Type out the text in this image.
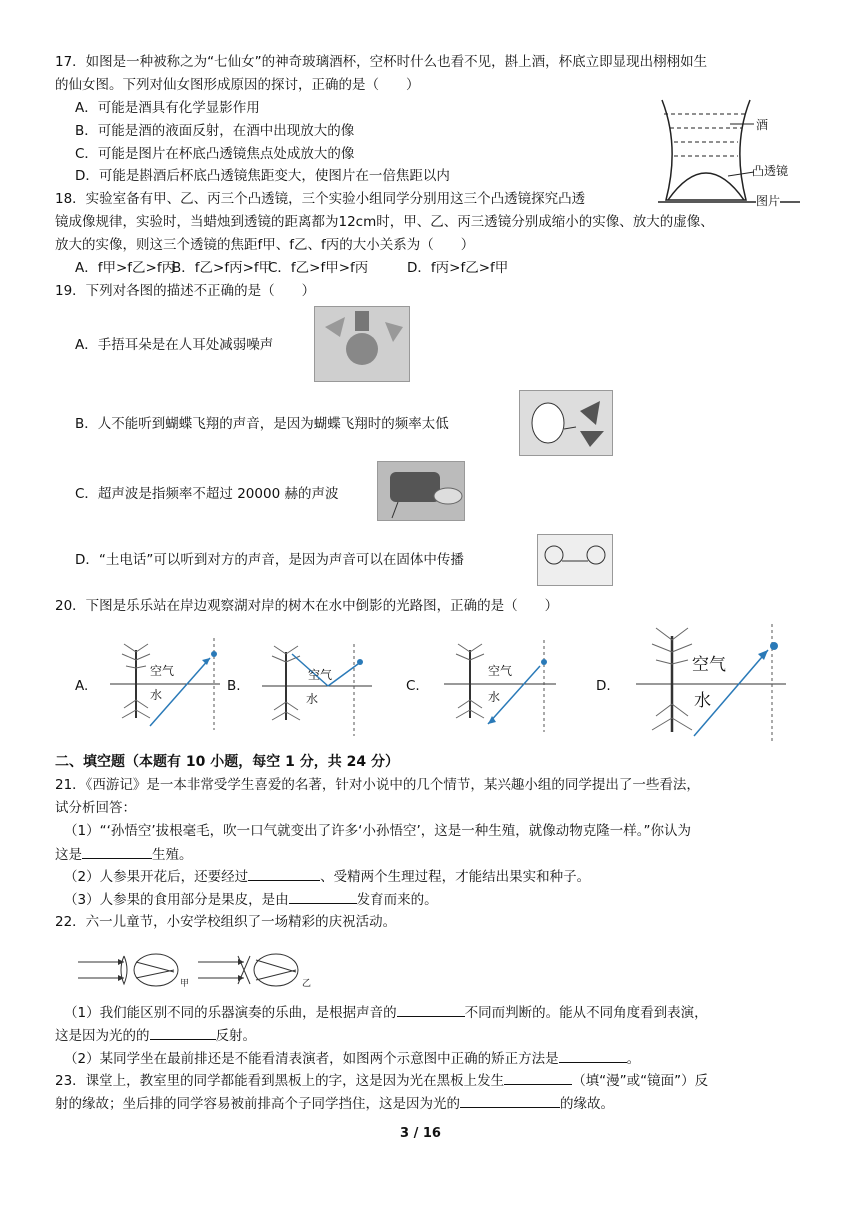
17．如图是一种被称之为“七仙女”的神奇玻璃酒杯，空杯时什么也看不见，斟上酒，杯底立即显现出栩栩如生
的仙女图。下列对仙女图形成原因的探讨，正确的是（　　）
A．可能是酒具有化学显影作用
B．可能是酒的液面反射，在酒中出现放大的像
C．可能是图片在杯底凸透镜焦点处成放大的像
D．可能是斟酒后杯底凸透镜焦距变大，使图片在一倍焦距以内
酒
凸透镜
图片
18．实验室备有甲、乙、丙三个凸透镜，三个实验小组同学分别用这三个凸透镜探究凸透
镜成像规律，实验时，当蜡烛到透镜的距离都为12cm时，甲、乙、丙三透镜分别成缩小的实像、放大的虚像、
放大的实像，则这三个透镜的焦距f甲、f乙、f丙的大小关系为（　　）
A．f甲>f乙>f丙
B．f乙>f丙>f甲
C．f乙>f甲>f丙	D．f丙>f乙>f甲
19．下列对各图的描述不正确的是（　　）
A．手捂耳朵是在人耳处减弱噪声
B．人不能听到蝴蝶飞翔的声音，是因为蝴蝶飞翔时的频率太低
C．超声波是指频率不超过 20000 赫的声波
D．“土电话”可以听到对方的声音，是因为声音可以在固体中传播
20．下图是乐乐站在岸边观察湖对岸的树木在水中倒影的光路图，正确的是（　　）
A.
空气
水
B.
空气
水
C.
空气
水
D.
空气
水
二、填空题（本题有 10 小题，每空 1 分，共 24 分）
21．《西游记》是一本非常受学生喜爱的名著，针对小说中的几个情节，某兴趣小组的同学提出了一些看法，
试分析回答：
（1）“‘孙悟空’拔根毫毛，吹一口气就变出了许多‘小孙悟空’，这是一种生殖，就像动物克隆一样。”你认为
这是	生殖。
（2）人参果开花后，还要经过	、受精两个生理过程，才能结出果实和种子。
（3）人参果的食用部分是果皮，是由	发育而来的。
22．六一儿童节，小安学校组织了一场精彩的庆祝活动。
甲	乙
（1）我们能区别不同的乐器演奏的乐曲，是根据声音的	不同而判断的。能从不同角度看到表演，
这是因为光的的	反射。
（2）某同学坐在最前排还是不能看清表演者，如图两个示意图中正确的矫正方法是	。
23．课堂上，教室里的同学都能看到黑板上的字，这是因为光在黑板上发生	（填“漫”或“镜面”）反
射的缘故；坐后排的同学容易被前排高个子同学挡住，这是因为光的	的缘故。
3 / 16
